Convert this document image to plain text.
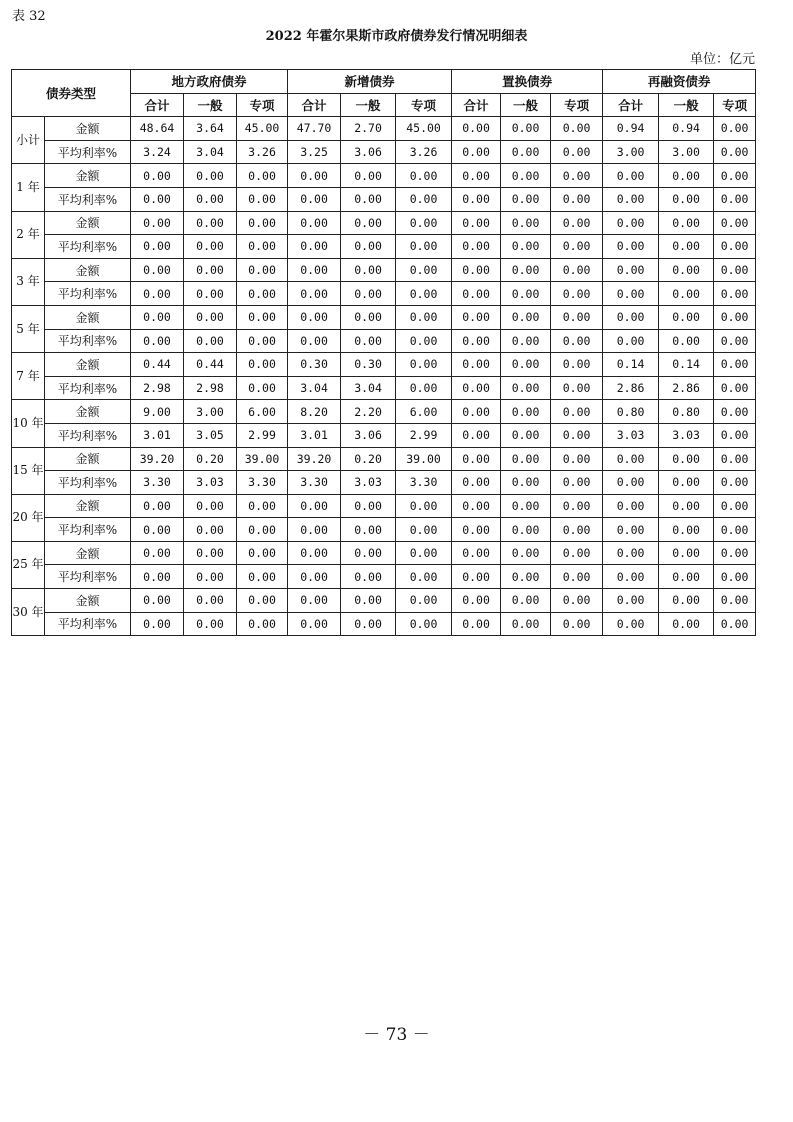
表 32
2022 年霍尔果斯市政府债券发行情况明细表
单位：亿元
债券类型		地方政府债券			新增债券			置换债券			再融资债券		
		合计	一般	专项	合计	一般	专项	合计	一般	专项	合计	一般	专项
小计	金额	48.64	3.64	45.00	47.70	2.70	45.00	0.00	0.00	0.00	0.94	0.94	0.00
	平均利率%	3.24	3.04	3.26	3.25	3.06	3.26	0.00	0.00	0.00	3.00	3.00	0.00
1 年	金额	0.00	0.00	0.00	0.00	0.00	0.00	0.00	0.00	0.00	0.00	0.00	0.00
	平均利率%	0.00	0.00	0.00	0.00	0.00	0.00	0.00	0.00	0.00	0.00	0.00	0.00
2 年	金额	0.00	0.00	0.00	0.00	0.00	0.00	0.00	0.00	0.00	0.00	0.00	0.00
	平均利率%	0.00	0.00	0.00	0.00	0.00	0.00	0.00	0.00	0.00	0.00	0.00	0.00
3 年	金额	0.00	0.00	0.00	0.00	0.00	0.00	0.00	0.00	0.00	0.00	0.00	0.00
	平均利率%	0.00	0.00	0.00	0.00	0.00	0.00	0.00	0.00	0.00	0.00	0.00	0.00
5 年	金额	0.00	0.00	0.00	0.00	0.00	0.00	0.00	0.00	0.00	0.00	0.00	0.00
	平均利率%	0.00	0.00	0.00	0.00	0.00	0.00	0.00	0.00	0.00	0.00	0.00	0.00
7 年	金额	0.44	0.44	0.00	0.30	0.30	0.00	0.00	0.00	0.00	0.14	0.14	0.00
	平均利率%	2.98	2.98	0.00	3.04	3.04	0.00	0.00	0.00	0.00	2.86	2.86	0.00
10 年	金额	9.00	3.00	6.00	8.20	2.20	6.00	0.00	0.00	0.00	0.80	0.80	0.00
	平均利率%	3.01	3.05	2.99	3.01	3.06	2.99	0.00	0.00	0.00	3.03	3.03	0.00
15 年	金额	39.20	0.20	39.00	39.20	0.20	39.00	0.00	0.00	0.00	0.00	0.00	0.00
	平均利率%	3.30	3.03	3.30	3.30	3.03	3.30	0.00	0.00	0.00	0.00	0.00	0.00
20 年	金额	0.00	0.00	0.00	0.00	0.00	0.00	0.00	0.00	0.00	0.00	0.00	0.00
	平均利率%	0.00	0.00	0.00	0.00	0.00	0.00	0.00	0.00	0.00	0.00	0.00	0.00
25 年	金额	0.00	0.00	0.00	0.00	0.00	0.00	0.00	0.00	0.00	0.00	0.00	0.00
	平均利率%	0.00	0.00	0.00	0.00	0.00	0.00	0.00	0.00	0.00	0.00	0.00	0.00
30 年	金额	0.00	0.00	0.00	0.00	0.00	0.00	0.00	0.00	0.00	0.00	0.00	0.00
	平均利率%	0.00	0.00	0.00	0.00	0.00	0.00	0.00	0.00	0.00	0.00	0.00	0.00
－ 73 －
